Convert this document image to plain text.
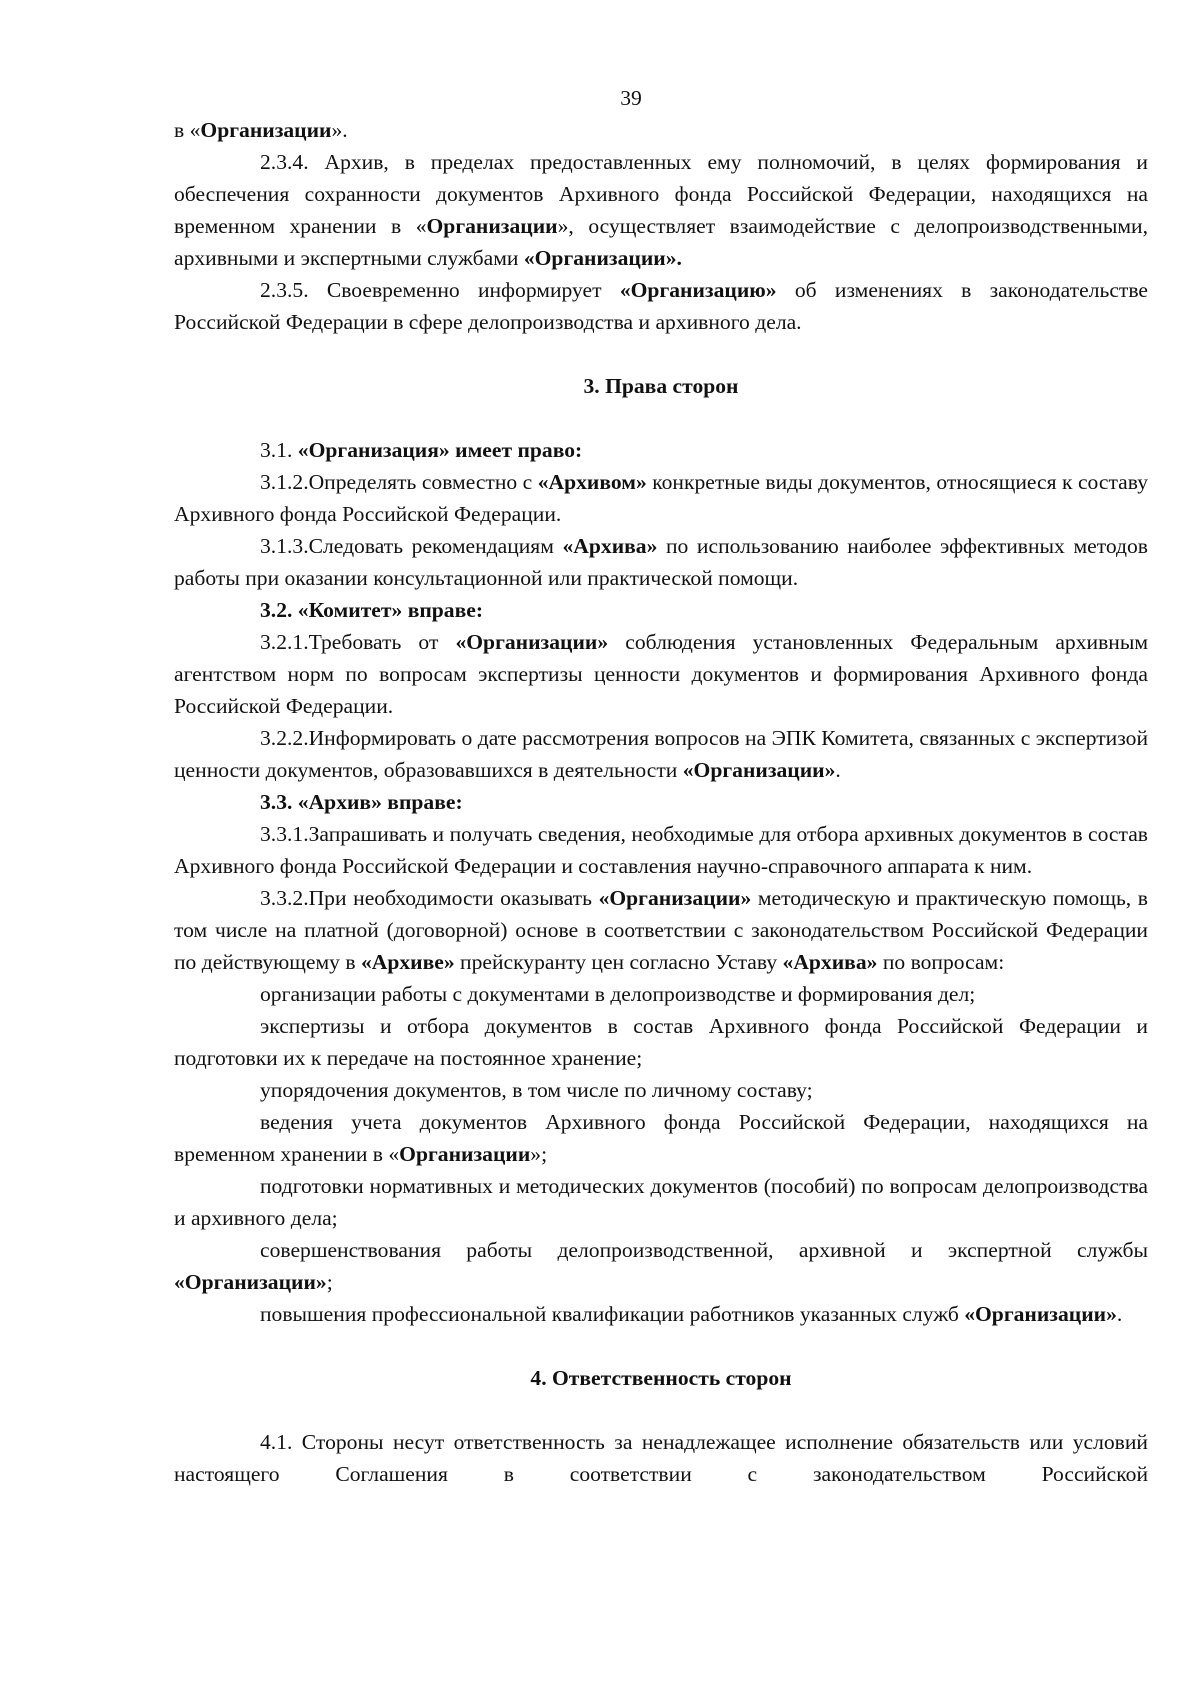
39
в «Организации».
2.3.4. Архив, в пределах предоставленных ему полномочий, в целях формирования и обеспечения сохранности документов Архивного фонда Российской Федерации, находящихся на временном хранении в «Организации», осуществляет взаимодействие с делопроизводственными, архивными и экспертными службами «Организации».
2.3.5. Своевременно информирует «Организацию» об изменениях в законодательстве Российской Федерации в сфере делопроизводства и архивного дела.
3. Права сторон
3.1. «Организация» имеет право:
3.1.2.Определять совместно с «Архивом» конкретные виды документов, относящиеся к составу Архивного фонда Российской Федерации.
3.1.3.Следовать рекомендациям «Архива» по использованию наиболее эффективных методов работы при оказании консультационной или практической помощи.
3.2. «Комитет» вправе:
3.2.1.Требовать от «Организации» соблюдения установленных Федеральным архивным агентством норм по вопросам экспертизы ценности документов и формирования Архивного фонда Российской Федерации.
3.2.2.Информировать о дате рассмотрения вопросов на ЭПК Комитета, связанных с экспертизой ценности документов, образовавшихся в деятельности «Организации».
3.3. «Архив» вправе:
3.3.1.Запрашивать и получать сведения, необходимые для отбора архивных документов в состав Архивного фонда Российской Федерации и составления научно-справочного аппарата к ним.
3.3.2.При необходимости оказывать «Организации» методическую и практическую помощь, в том числе на платной (договорной) основе в соответствии с законодательством Российской Федерации по действующему в «Архиве» прейскуранту цен согласно Уставу «Архива» по вопросам:
организации работы с документами в делопроизводстве и формирования дел;
экспертизы и отбора документов в состав Архивного фонда Российской Федерации и подготовки их к передаче на постоянное хранение;
упорядочения документов, в том числе по личному составу;
ведения учета документов Архивного фонда Российской Федерации, находящихся на временном хранении в «Организации»;
подготовки нормативных и методических документов (пособий) по вопросам делопроизводства и архивного дела;
совершенствования работы делопроизводственной, архивной и экспертной службы «Организации»;
повышения профессиональной квалификации работников указанных служб «Организации».
4. Ответственность сторон
4.1. Стороны несут ответственность за ненадлежащее исполнение обязательств или условий настоящего Соглашения в соответствии с законодательством Российской
